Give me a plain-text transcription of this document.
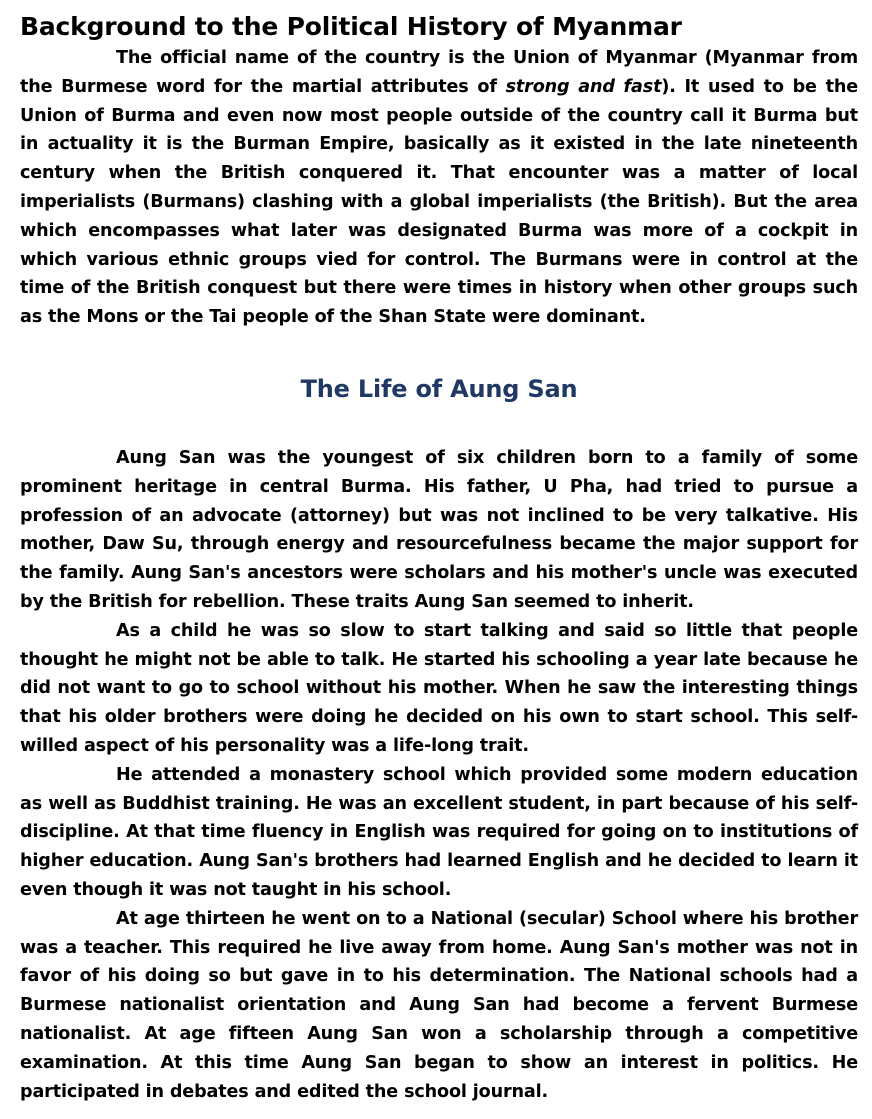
Background to the Political History of Myanmar

The official name of the country is the Union of Myanmar (Myanmar from the Burmese word for the martial attributes of strong and fast). It used to be the Union of Burma and even now most people outside of the country call it Burma but in actuality it is the Burman Empire, basically as it existed in the late nineteenth century when the British conquered it. That encounter was a matter of local imperialists (Burmans) clashing with a global imperialists (the British). But the area which encompasses what later was designated Burma was more of a cockpit in which various ethnic groups vied for control. The Burmans were in control at the time of the British conquest but there were times in history when other groups such as the Mons or the Tai people of the Shan State were dominant.

The Life of Aung San

Aung San was the youngest of six children born to a family of some prominent heritage in central Burma. His father, U Pha, had tried to pursue a profession of an advocate (attorney) but was not inclined to be very talkative. His mother, Daw Su, through energy and resourcefulness became the major support for the family. Aung San's ancestors were scholars and his mother's uncle was executed by the British for rebellion. These traits Aung San seemed to inherit.

As a child he was so slow to start talking and said so little that people thought he might not be able to talk. He started his schooling a year late because he did not want to go to school without his mother. When he saw the interesting things that his older brothers were doing he decided on his own to start school. This self-willed aspect of his personality was a life-long trait.

He attended a monastery school which provided some modern education as well as Buddhist training. He was an excellent student, in part because of his self-discipline. At that time fluency in English was required for going on to institutions of higher education. Aung San's brothers had learned English and he decided to learn it even though it was not taught in his school.

At age thirteen he went on to a National (secular) School where his brother was a teacher. This required he live away from home. Aung San's mother was not in favor of his doing so but gave in to his determination. The National schools had a Burmese nationalist orientation and Aung San had become a fervent Burmese nationalist. At age fifteen Aung San won a scholarship through a competitive examination. At this time Aung San began to show an interest in politics. He participated in debates and edited the school journal.
